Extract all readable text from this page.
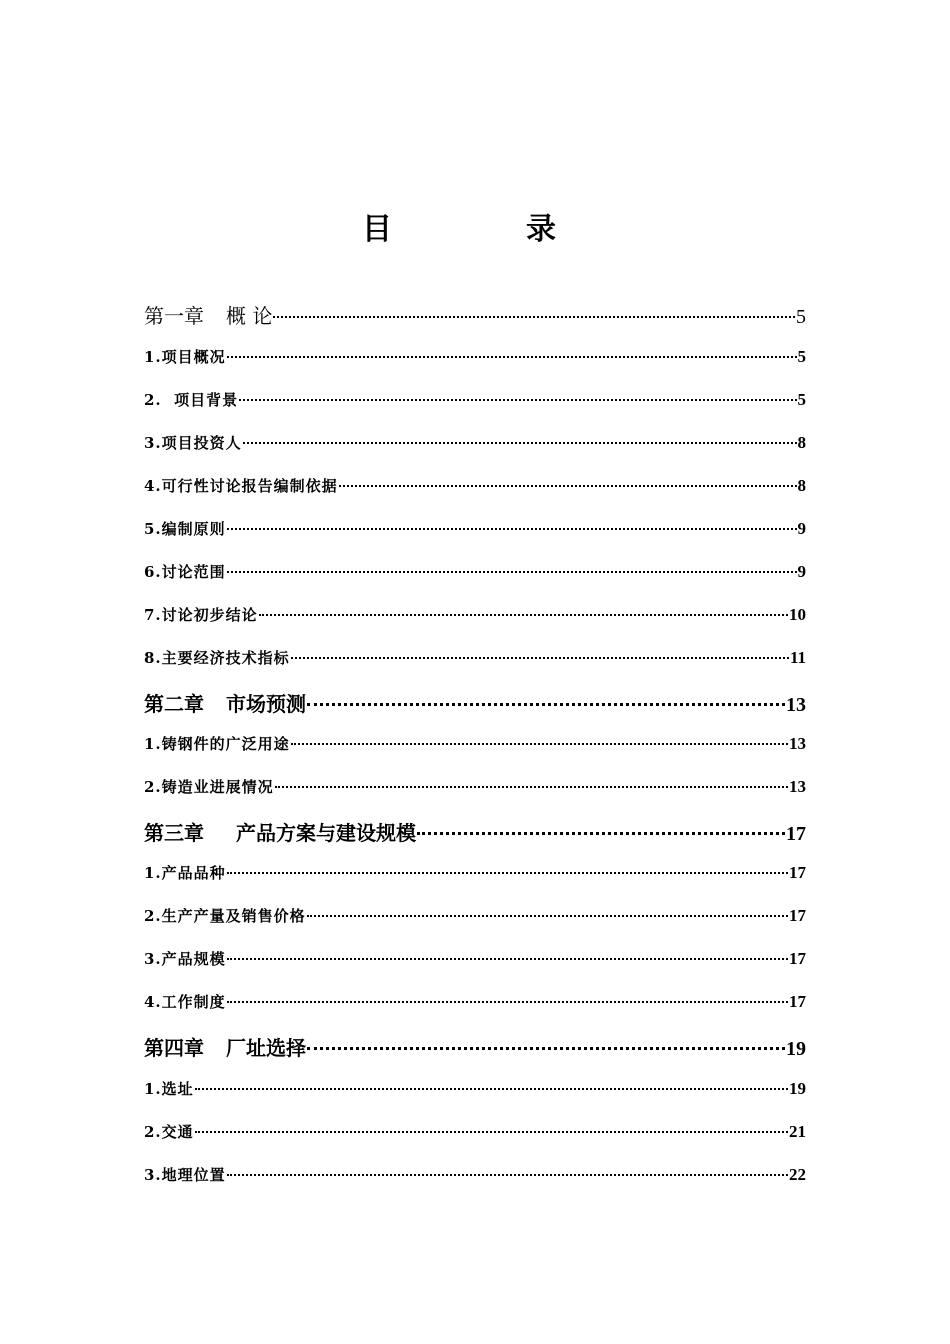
目　录
第一章 概 论	5
1.项目概况	5
2.  项目背景	5
3.项目投资人	8
4.可行性讨论报告编制依据	8
5.编制原则	9
6.讨论范围	9
7.讨论初步结论	10
8.主要经济技术指标	11
第二章 市场预测	13
1.铸钢件的广泛用途	13
2.铸造业进展情况	13
第三章 产品方案与建设规模	17
1.产品品种	17
2.生产产量及销售价格	17
3.产品规模	17
4.工作制度	17
第四章 厂址选择	19
1.选址	19
2.交通	21
3.地理位置	22
